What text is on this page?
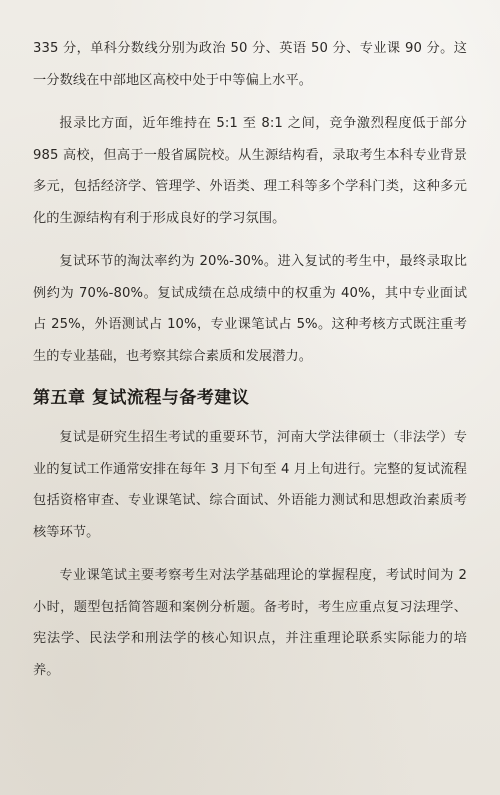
335 分，单科分数线分别为政治 50 分、英语 50 分、专业课 90 分。这一分数线在中部地区高校中处于中等偏上水平。

报录比方面，近年维持在 5:1 至 8:1 之间，竞争激烈程度低于部分 985 高校，但高于一般省属院校。从生源结构看，录取考生本科专业背景多元，包括经济学、管理学、外语类、理工科等多个学科门类，这种多元化的生源结构有利于形成良好的学习氛围。

复试环节的淘汰率约为 20%-30%。进入复试的考生中，最终录取比例约为 70%-80%。复试成绩在总成绩中的权重为 40%，其中专业面试占 25%，外语测试占 10%，专业课笔试占 5%。这种考核方式既注重考生的专业基础，也考察其综合素质和发展潜力。

第五章 复试流程与备考建议

复试是研究生招生考试的重要环节，河南大学法律硕士（非法学）专业的复试工作通常安排在每年 3 月下旬至 4 月上旬进行。完整的复试流程包括资格审查、专业课笔试、综合面试、外语能力测试和思想政治素质考核等环节。

专业课笔试主要考察考生对法学基础理论的掌握程度，考试时间为 2 小时，题型包括简答题和案例分析题。备考时，考生应重点复习法理学、宪法学、民法学和刑法学的核心知识点，并注重理论联系实际能力的培养。
